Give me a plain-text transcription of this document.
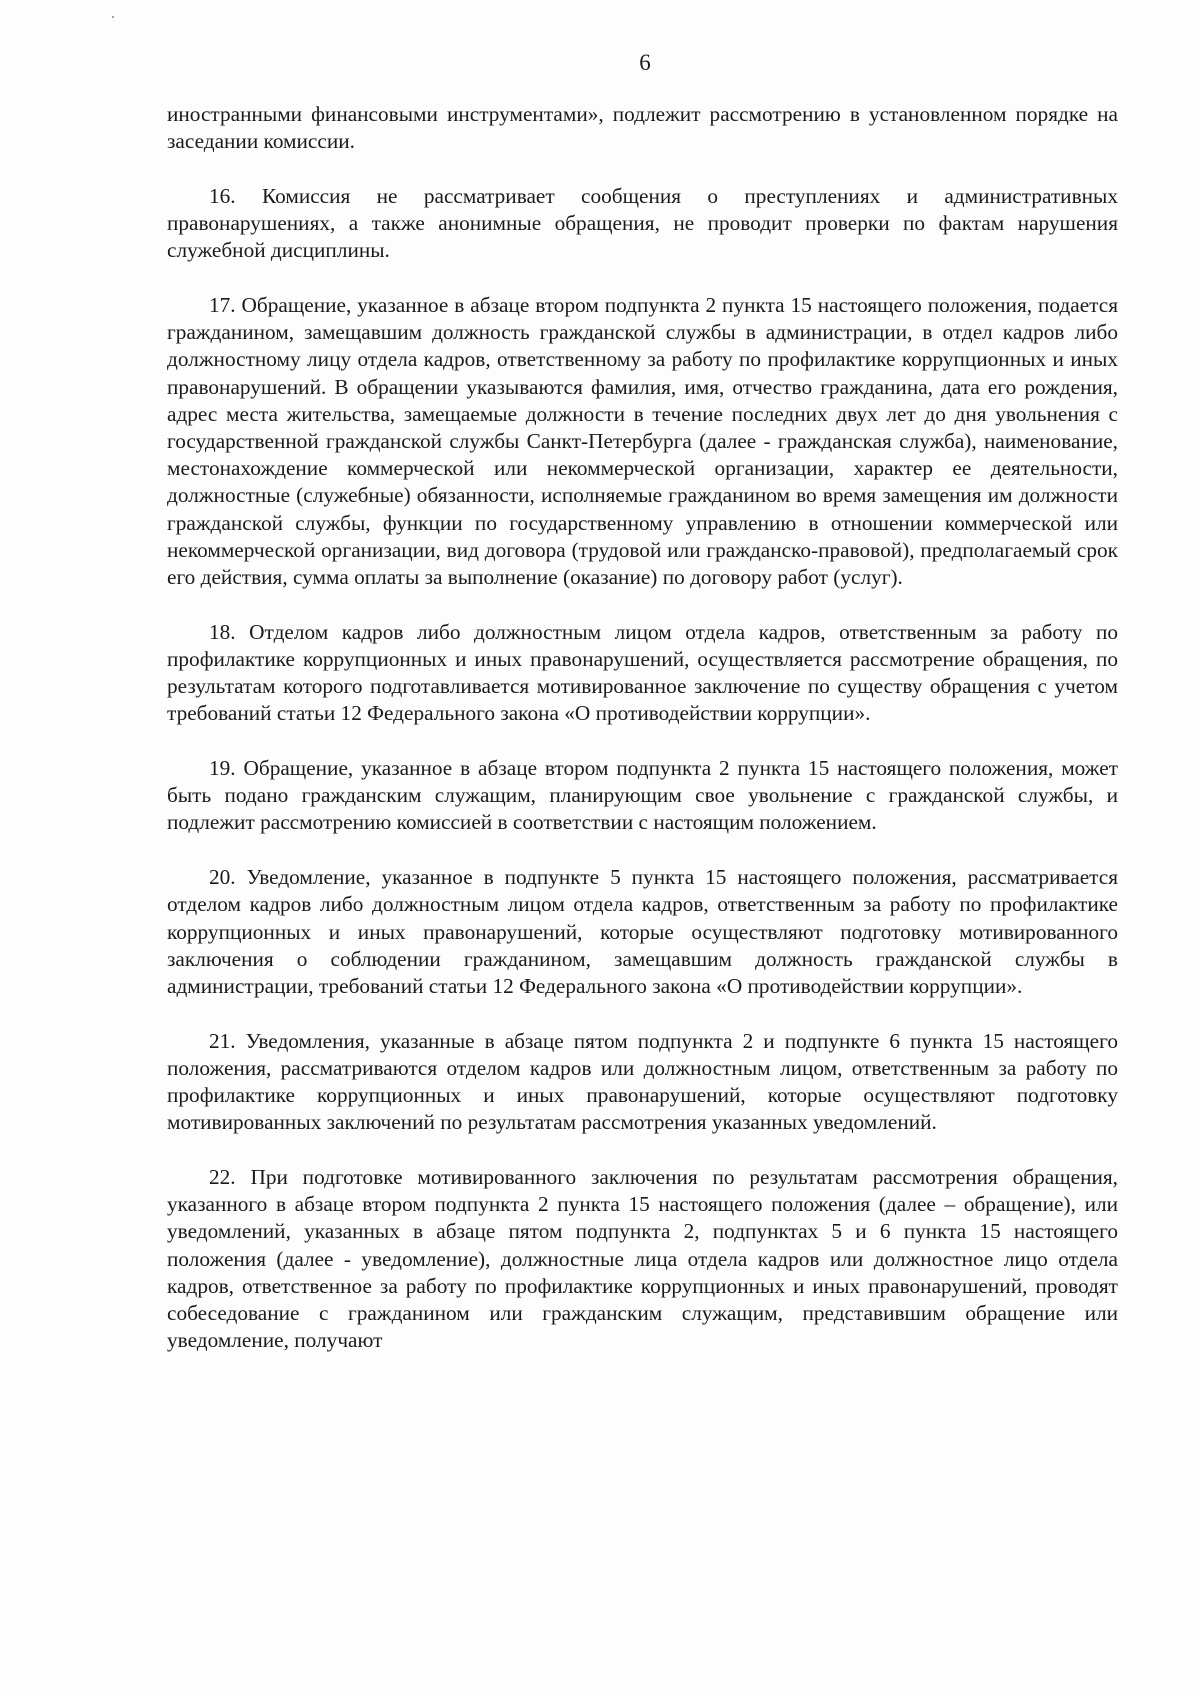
6

иностранными финансовыми инструментами», подлежит рассмотрению в установленном порядке на заседании комиссии.

16. Комиссия не рассматривает сообщения о преступлениях и административных правонарушениях, а также анонимные обращения, не проводит проверки по фактам нарушения служебной дисциплины.

17. Обращение, указанное в абзаце втором подпункта 2 пункта 15 настоящего положения, подается гражданином, замещавшим должность гражданской службы в администрации, в отдел кадров либо должностному лицу отдела кадров, ответственному за работу по профилактике коррупционных и иных правонарушений. В обращении указываются фамилия, имя, отчество гражданина, дата его рождения, адрес места жительства, замещаемые должности в течение последних двух лет до дня увольнения с государственной гражданской службы Санкт-Петербурга (далее - гражданская служба), наименование, местонахождение коммерческой или некоммерческой организации, характер ее деятельности, должностные (служебные) обязанности, исполняемые гражданином во время замещения им должности гражданской службы, функции по государственному управлению в отношении коммерческой или некоммерческой организации, вид договора (трудовой или гражданско-правовой), предполагаемый срок его действия, сумма оплаты за выполнение (оказание) по договору работ (услуг).

18. Отделом кадров либо должностным лицом отдела кадров, ответственным за работу по профилактике коррупционных и иных правонарушений, осуществляется рассмотрение обращения, по результатам которого подготавливается мотивированное заключение по существу обращения с учетом требований статьи 12 Федерального закона «О противодействии коррупции».

19. Обращение, указанное в абзаце втором подпункта 2 пункта 15 настоящего положения, может быть подано гражданским служащим, планирующим свое увольнение с гражданской службы, и подлежит рассмотрению комиссией в соответствии с настоящим положением.

20. Уведомление, указанное в подпункте 5 пункта 15 настоящего положения, рассматривается отделом кадров либо должностным лицом отдела кадров, ответственным за работу по профилактике коррупционных и иных правонарушений, которые осуществляют подготовку мотивированного заключения о соблюдении гражданином, замещавшим должность гражданской службы в администрации, требований статьи 12 Федерального закона «О противодействии коррупции».

21. Уведомления, указанные в абзаце пятом подпункта 2 и подпункте 6 пункта 15 настоящего положения, рассматриваются отделом кадров или должностным лицом, ответственным за работу по профилактике коррупционных и иных правонарушений, которые осуществляют подготовку мотивированных заключений по результатам рассмотрения указанных уведомлений.

22. При подготовке мотивированного заключения по результатам рассмотрения обращения, указанного в абзаце втором подпункта 2 пункта 15 настоящего положения (далее – обращение), или уведомлений, указанных в абзаце пятом подпункта 2, подпунктах 5 и 6 пункта 15 настоящего положения (далее - уведомление), должностные лица отдела кадров или должностное лицо отдела кадров, ответственное за работу по профилактике коррупционных и иных правонарушений, проводят собеседование с гражданином или гражданским служащим, представившим обращение или уведомление, получают
